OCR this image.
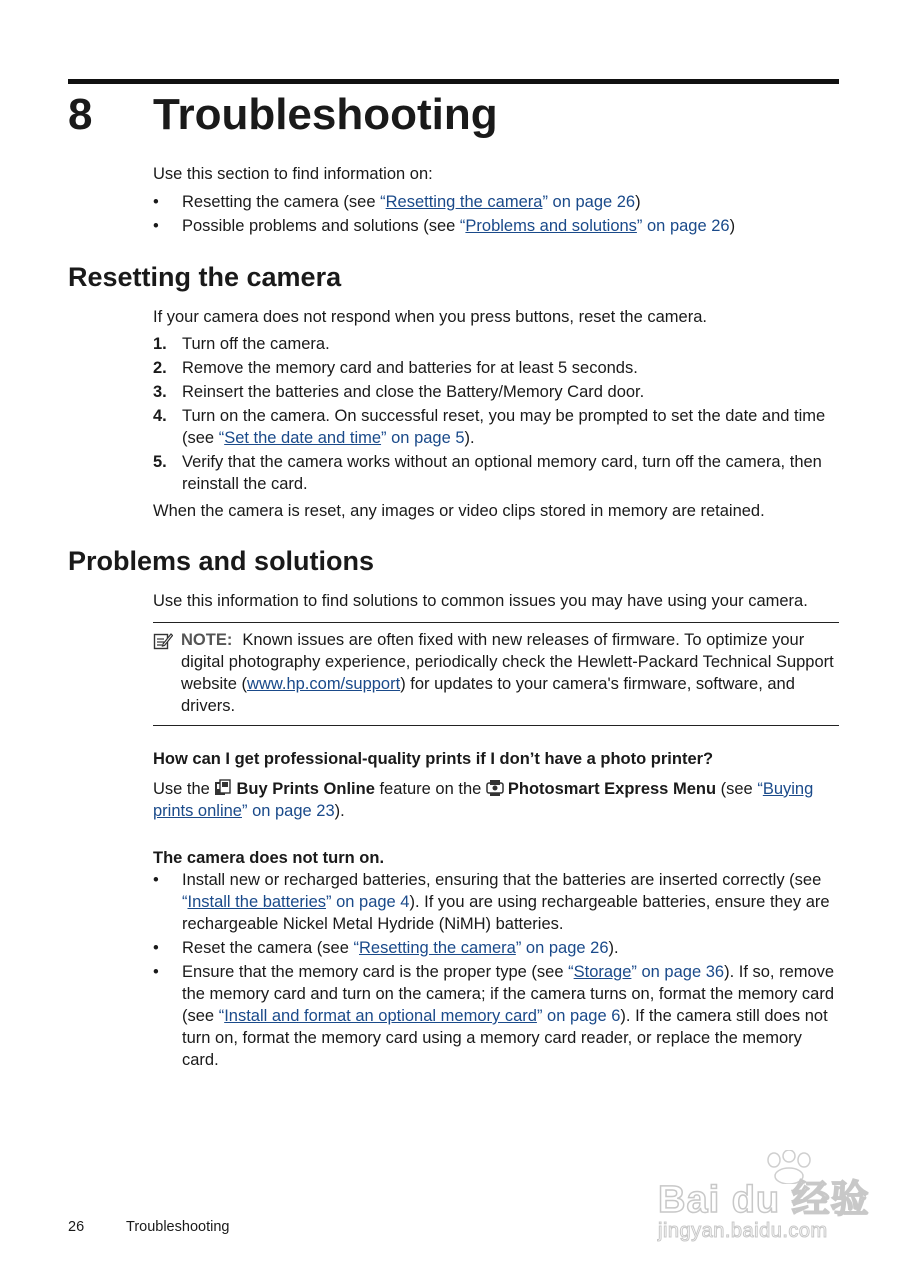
8 Troubleshooting

Use this section to find information on:

• Resetting the camera (see “Resetting the camera” on page 26)
• Possible problems and solutions (see “Problems and solutions” on page 26)
Resetting the camera

If your camera does not respond when you press buttons, reset the camera.

1. Turn off the camera.
2. Remove the memory card and batteries for at least 5 seconds.
3. Reinsert the batteries and close the Battery/Memory Card door.
4. Turn on the camera. On successful reset, you may be prompted to set the date and time (see “Set the date and time” on page 5).
5. Verify that the camera works without an optional memory card, turn off the camera, then reinstall the card.

When the camera is reset, any images or video clips stored in memory are retained.

Problems and solutions

Use this information to find solutions to common issues you may have using your camera.

NOTE: Known issues are often fixed with new releases of firmware. To optimize your digital photography experience, periodically check the Hewlett-Packard Technical Support website (www.hp.com/support) for updates to your camera's firmware, software, and drivers.

How can I get professional-quality prints if I don’t have a photo printer?

Use the Buy Prints Online feature on the Photosmart Express Menu (see “Buying prints online” on page 23).

The camera does not turn on.

• Install new or recharged batteries, ensuring that the batteries are inserted correctly (see “Install the batteries” on page 4). If you are using rechargeable batteries, ensure they are rechargeable Nickel Metal Hydride (NiMH) batteries.
• Reset the camera (see “Resetting the camera” on page 26).
• Ensure that the memory card is the proper type (see “Storage” on page 36). If so, remove the memory card and turn on the camera; if the camera turns on, format the memory card (see “Install and format an optional memory card” on page 6). If the camera still does not turn on, format the memory card using a memory card reader, or replace the memory card.
26	Troubleshooting
Bai du 经验
jingyan.baidu.com
